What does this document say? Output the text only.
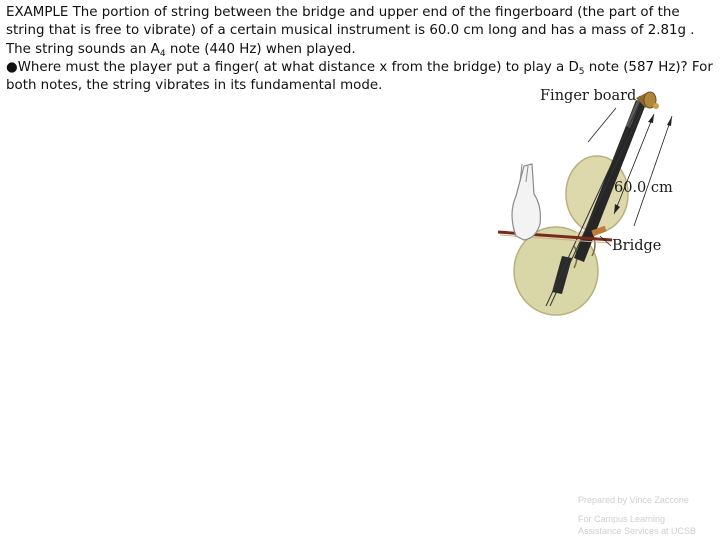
EXAMPLE The portion of string between the bridge and upper end of the fingerboard (the part of the string that is free to vibrate) of a certain musical instrument is 60.0 cm long and has a mass of 2.81g . The string sounds an $A_4$ note (440 Hz) when played.

●Where must the player put a finger( at what distance x from the bridge) to play a $D_5$ note (587 Hz)? For both notes, the string vibrates in its fundamental mode.

Finger board
60.0 cm
Bridge
Prepared by Vince Zaccone
For Campus Learning
Assistance Services at UCSB
